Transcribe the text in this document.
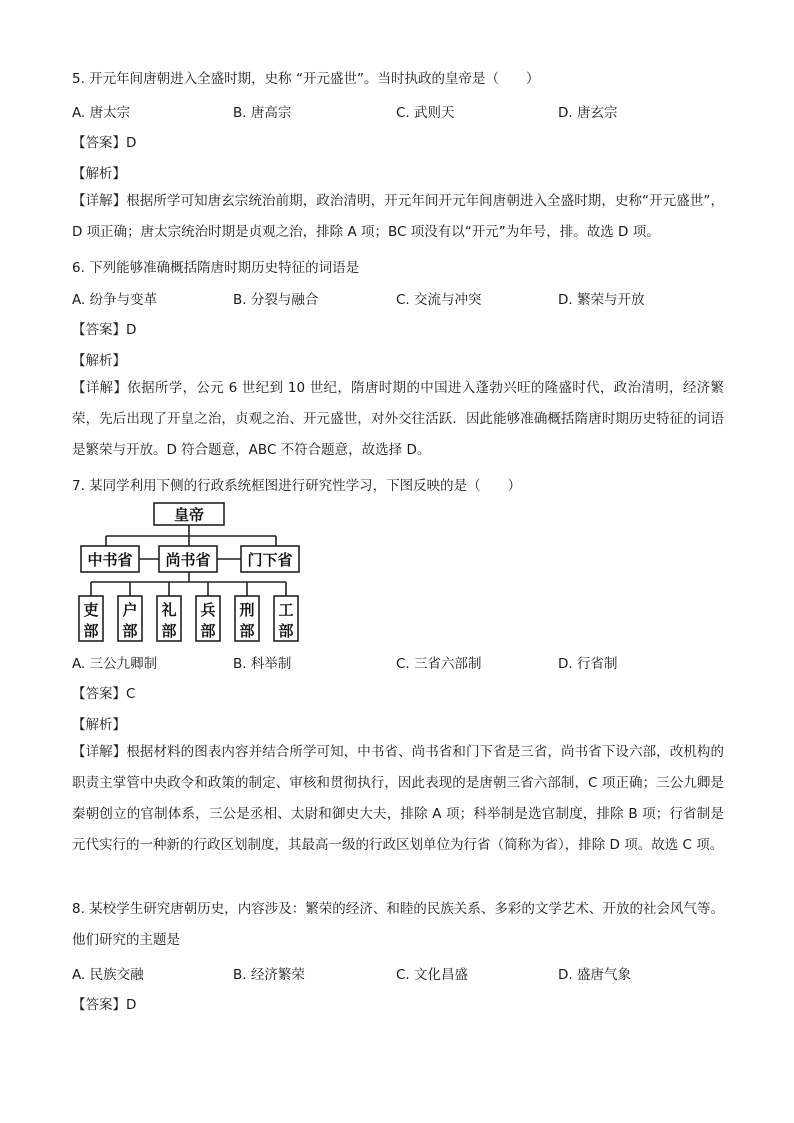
5. 开元年间唐朝进入全盛时期，史称 “开元盛世”。当时执政的皇帝是（　　）
A. 唐太宗	B. 唐高宗	C. 武则天	D. 唐玄宗
【答案】D
【解析】
【详解】根据所学可知唐玄宗统治前期，政治清明，开元年间开元年间唐朝进入全盛时期，史称“开元盛世”，D 项正确；唐太宗统治时期是贞观之治，排除 A 项；BC 项没有以“开元”为年号，排。故选 D 项。
6. 下列能够准确概括隋唐时期历史特征的词语是
A. 纷争与变革	B. 分裂与融合	C. 交流与冲突	D. 繁荣与开放
【答案】D
【解析】
【详解】依据所学，公元 6 世纪到 10 世纪，隋唐时期的中国进入蓬勃兴旺的隆盛时代，政治清明，经济繁荣，先后出现了开皇之治，贞观之治、开元盛世，对外交往活跃．因此能够准确概括隋唐时期历史特征的词语是繁荣与开放。D 符合题意，ABC 不符合题意，故选择 D。
7. 某同学利用下侧的行政系统框图进行研究性学习，下图反映的是（　　）
皇帝
中书省 尚书省 门下省
吏
部
户
部
礼
部
兵
部
刑
部
工
部
A. 三公九卿制	B. 科举制	C. 三省六部制	D. 行省制
【答案】C
【解析】
【详解】根据材料的图表内容并结合所学可知，中书省、尚书省和门下省是三省，尚书省下设六部，改机构的职责主掌管中央政令和政策的制定、审核和贯彻执行，因此表现的是唐朝三省六部制，C 项正确；三公九卿是秦朝创立的官制体系，三公是丞相、太尉和御史大夫，排除 A 项；科举制是选官制度，排除 B 项；行省制是元代实行的一种新的行政区划制度，其最高一级的行政区划单位为行省（简称为省），排除 D 项。故选 C 项。
8. 某校学生研究唐朝历史，内容涉及：繁荣的经济、和睦的民族关系、多彩的文学艺术、开放的社会风气等。他们研究的主题是
A. 民族交融	B. 经济繁荣	C. 文化昌盛	D. 盛唐气象
【答案】D
